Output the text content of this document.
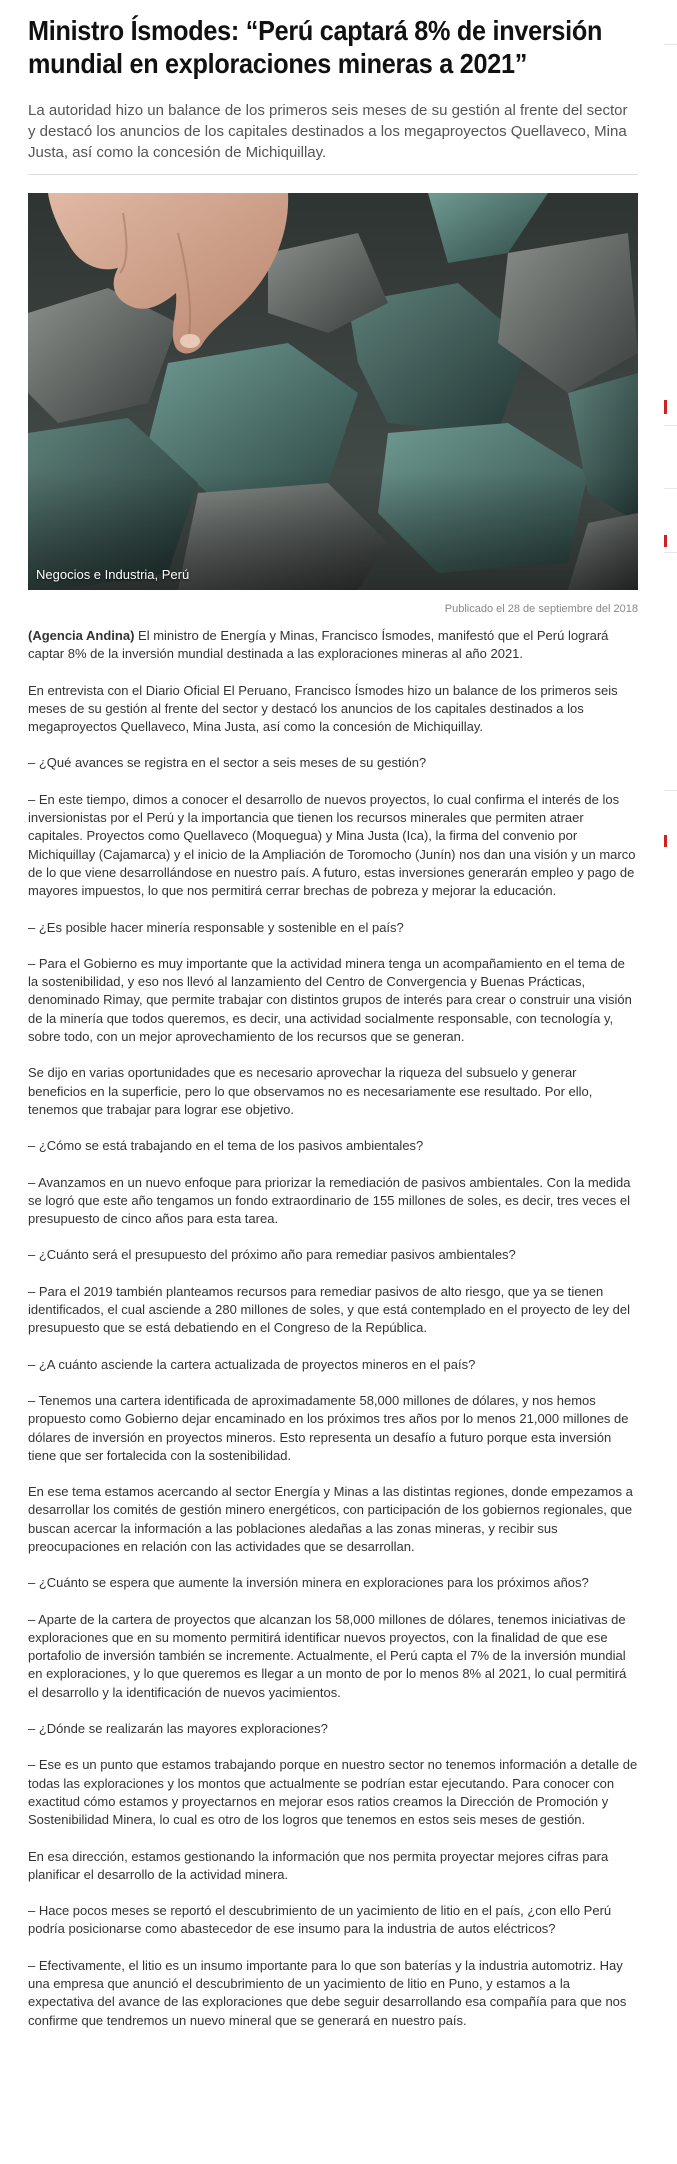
Ministro Ísmodes: “Perú captará 8% de inversión mundial en exploraciones mineras a 2021”

La autoridad hizo un balance de los primeros seis meses de su gestión al frente del sector y destacó los anuncios de los capitales destinados a los megaproyectos Quellaveco, Mina Justa, así como la concesión de Michiquillay.

Negocios e Industria, Perú
Publicado el 28 de septiembre del 2018

(Agencia Andina) El ministro de Energía y Minas, Francisco Ísmodes, manifestó que el Perú logrará captar 8% de la inversión mundial destinada a las exploraciones mineras al año 2021.

En entrevista con el Diario Oficial El Peruano, Francisco Ísmodes hizo un balance de los primeros seis meses de su gestión al frente del sector y destacó los anuncios de los capitales destinados a los megaproyectos Quellaveco, Mina Justa, así como la concesión de Michiquillay.

– ¿Qué avances se registra en el sector a seis meses de su gestión?

– En este tiempo, dimos a conocer el desarrollo de nuevos proyectos, lo cual confirma el interés de los inversionistas por el Perú y la importancia que tienen los recursos minerales que permiten atraer capitales. Proyectos como Quellaveco (Moquegua) y Mina Justa (Ica), la firma del convenio por Michiquillay (Cajamarca) y el inicio de la Ampliación de Toromocho (Junín) nos dan una visión y un marco de lo que viene desarrollándose en nuestro país. A futuro, estas inversiones generarán empleo y pago de mayores impuestos, lo que nos permitirá cerrar brechas de pobreza y mejorar la educación.

– ¿Es posible hacer minería responsable y sostenible en el país?

– Para el Gobierno es muy importante que la actividad minera tenga un acompañamiento en el tema de la sostenibilidad, y eso nos llevó al lanzamiento del Centro de Convergencia y Buenas Prácticas, denominado Rimay, que permite trabajar con distintos grupos de interés para crear o construir una visión de la minería que todos queremos, es decir, una actividad socialmente responsable, con tecnología y, sobre todo, con un mejor aprovechamiento de los recursos que se generan.

Se dijo en varias oportunidades que es necesario aprovechar la riqueza del subsuelo y generar beneficios en la superficie, pero lo que observamos no es necesariamente ese resultado. Por ello, tenemos que trabajar para lograr ese objetivo.

– ¿Cómo se está trabajando en el tema de los pasivos ambientales?

– Avanzamos en un nuevo enfoque para priorizar la remediación de pasivos ambientales. Con la medida se logró que este año tengamos un fondo extraordinario de 155 millones de soles, es decir, tres veces el presupuesto de cinco años para esta tarea.

– ¿Cuánto será el presupuesto del próximo año para remediar pasivos ambientales?

– Para el 2019 también planteamos recursos para remediar pasivos de alto riesgo, que ya se tienen identificados, el cual asciende a 280 millones de soles, y que está contemplado en el proyecto de ley del presupuesto que se está debatiendo en el Congreso de la República.

– ¿A cuánto asciende la cartera actualizada de proyectos mineros en el país?

– Tenemos una cartera identificada de aproximadamente 58,000 millones de dólares, y nos hemos propuesto como Gobierno dejar encaminado en los próximos tres años por lo menos 21,000 millones de dólares de inversión en proyectos mineros. Esto representa un desafío a futuro porque esta inversión tiene que ser fortalecida con la sostenibilidad.

En ese tema estamos acercando al sector Energía y Minas a las distintas regiones, donde empezamos a desarrollar los comités de gestión minero energéticos, con participación de los gobiernos regionales, que buscan acercar la información a las poblaciones aledañas a las zonas mineras, y recibir sus preocupaciones en relación con las actividades que se desarrollan.

– ¿Cuánto se espera que aumente la inversión minera en exploraciones para los próximos años?

– Aparte de la cartera de proyectos que alcanzan los 58,000 millones de dólares, tenemos iniciativas de exploraciones que en su momento permitirá identificar nuevos proyectos, con la finalidad de que ese portafolio de inversión también se incremente. Actualmente, el Perú capta el 7% de la inversión mundial en exploraciones, y lo que queremos es llegar a un monto de por lo menos 8% al 2021, lo cual permitirá el desarrollo y la identificación de nuevos yacimientos.

– ¿Dónde se realizarán las mayores exploraciones?

– Ese es un punto que estamos trabajando porque en nuestro sector no tenemos información a detalle de todas las exploraciones y los montos que actualmente se podrían estar ejecutando. Para conocer con exactitud cómo estamos y proyectarnos en mejorar esos ratios creamos la Dirección de Promoción y Sostenibilidad Minera, lo cual es otro de los logros que tenemos en estos seis meses de gestión.

En esa dirección, estamos gestionando la información que nos permita proyectar mejores cifras para planificar el desarrollo de la actividad minera.

– Hace pocos meses se reportó el descubrimiento de un yacimiento de litio en el país, ¿con ello Perú podría posicionarse como abastecedor de ese insumo para la industria de autos eléctricos?

– Efectivamente, el litio es un insumo importante para lo que son baterías y la industria automotriz. Hay una empresa que anunció el descubrimiento de un yacimiento de litio en Puno, y estamos a la expectativa del avance de las exploraciones que debe seguir desarrollando esa compañía para que nos confirme que tendremos un nuevo mineral que se generará en nuestro país.
